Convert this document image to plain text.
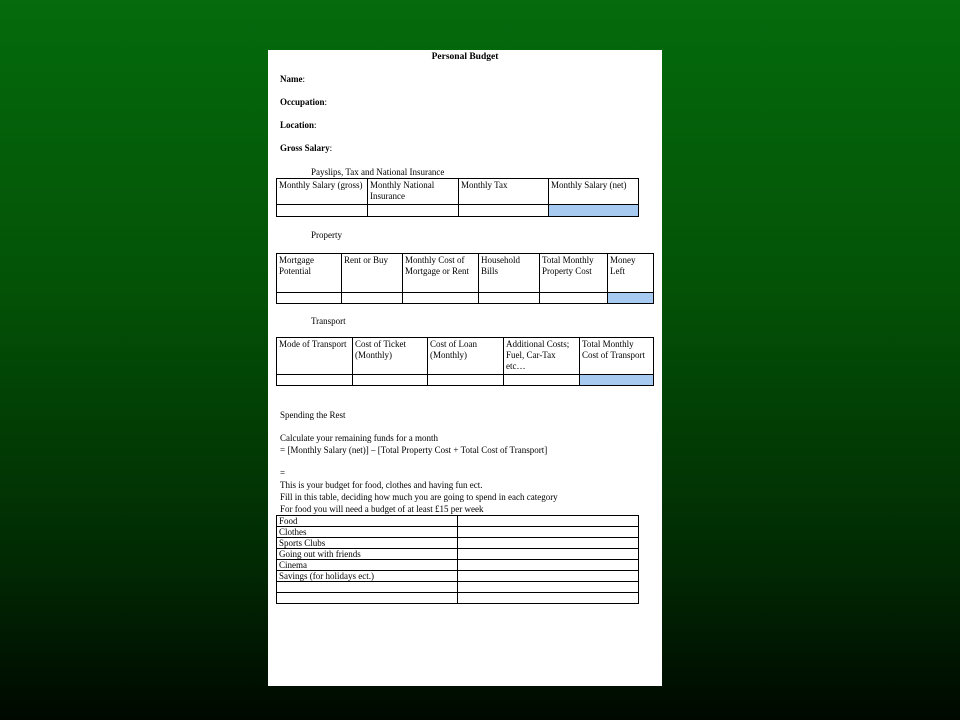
Personal Budget
Name:
Occupation:
Location:
Gross Salary:
Payslips, Tax and National Insurance
Monthly Salary (gross)	Monthly National Insurance	Monthly Tax	Monthly Salary (net)

Property
Mortgage Potential	Rent or Buy	Monthly Cost of Mortgage or Rent	Household Bills	Total Monthly Property Cost	Money Left

Transport
Mode of Transport	Cost of Ticket (Monthly)	Cost of Loan (Monthly)	Additional Costs; Fuel, Car-Tax etc…	Total Monthly Cost of Transport

Spending the Rest
Calculate your remaining funds for a month
= [Monthly Salary (net)] – [Total Property Cost + Total Cost of Transport]
=
This is your budget for food, clothes and having fun ect.
Fill in this table, deciding how much you are going to spend in each category
For food you will need a budget of at least £15 per week
Food	
Clothes	
Sports Clubs	
Going out with friends	
Cinema	
Savings (for holidays ect.)	
